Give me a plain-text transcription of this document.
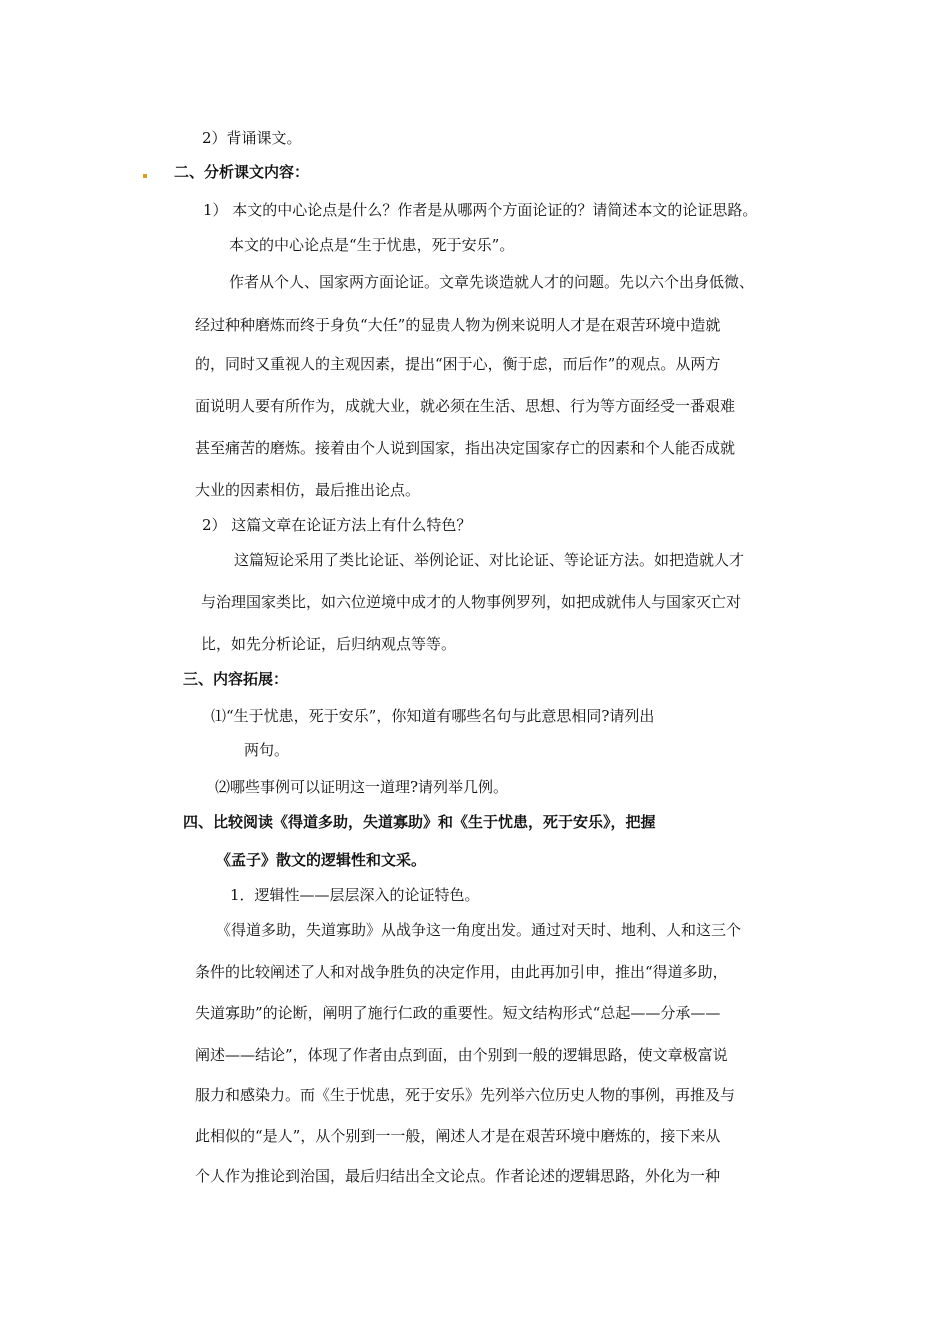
2）背诵课文。
二、分析课文内容：
1） 本文的中心论点是什么？作者是从哪两个方面论证的？请简述本文的论证思路。
本文的中心论点是“生于忧患，死于安乐”。
作者从个人、国家两方面论证。文章先谈造就人才的问题。先以六个出身低微、
经过种种磨炼而终于身负“大任”的显贵人物为例来说明人才是在艰苦环境中造就
的，同时又重视人的主观因素，提出“困于心，衡于虑，而后作”的观点。从两方
面说明人要有所作为，成就大业，就必须在生活、思想、行为等方面经受一番艰难
甚至痛苦的磨炼。接着由个人说到国家，指出决定国家存亡的因素和个人能否成就
大业的因素相仿，最后推出论点。
2） 这篇文章在论证方法上有什么特色？
这篇短论采用了类比论证、举例论证、对比论证、等论证方法。如把造就人才
与治理国家类比，如六位逆境中成才的人物事例罗列，如把成就伟人与国家灭亡对
比，如先分析论证，后归纳观点等等。
三、内容拓展：
⑴“生于忧患，死于安乐”，你知道有哪些名句与此意思相同?请列出
两句。
⑵哪些事例可以证明这一道理?请列举几例。
四、比较阅读《得道多助，失道寡助》和《生于忧患，死于安乐》，把握
《孟子》散文的逻辑性和文采。
1．逻辑性——层层深入的论证特色。
《得道多助，失道寡助》从战争这一角度出发。通过对天时、地利、人和这三个
条件的比较阐述了人和对战争胜负的决定作用，由此再加引申，推出“得道多助，
失道寡助”的论断，阐明了施行仁政的重要性。短文结构形式“总起——分承——
阐述——结论”，体现了作者由点到面，由个别到一般的逻辑思路，使文章极富说
服力和感染力。而《生于忧患，死于安乐》先列举六位历史人物的事例，再推及与
此相似的“是人”，从个别到一一般，阐述人才是在艰苦环境中磨炼的，接下来从
个人作为推论到治国，最后归结出全文论点。作者论述的逻辑思路，外化为一种
